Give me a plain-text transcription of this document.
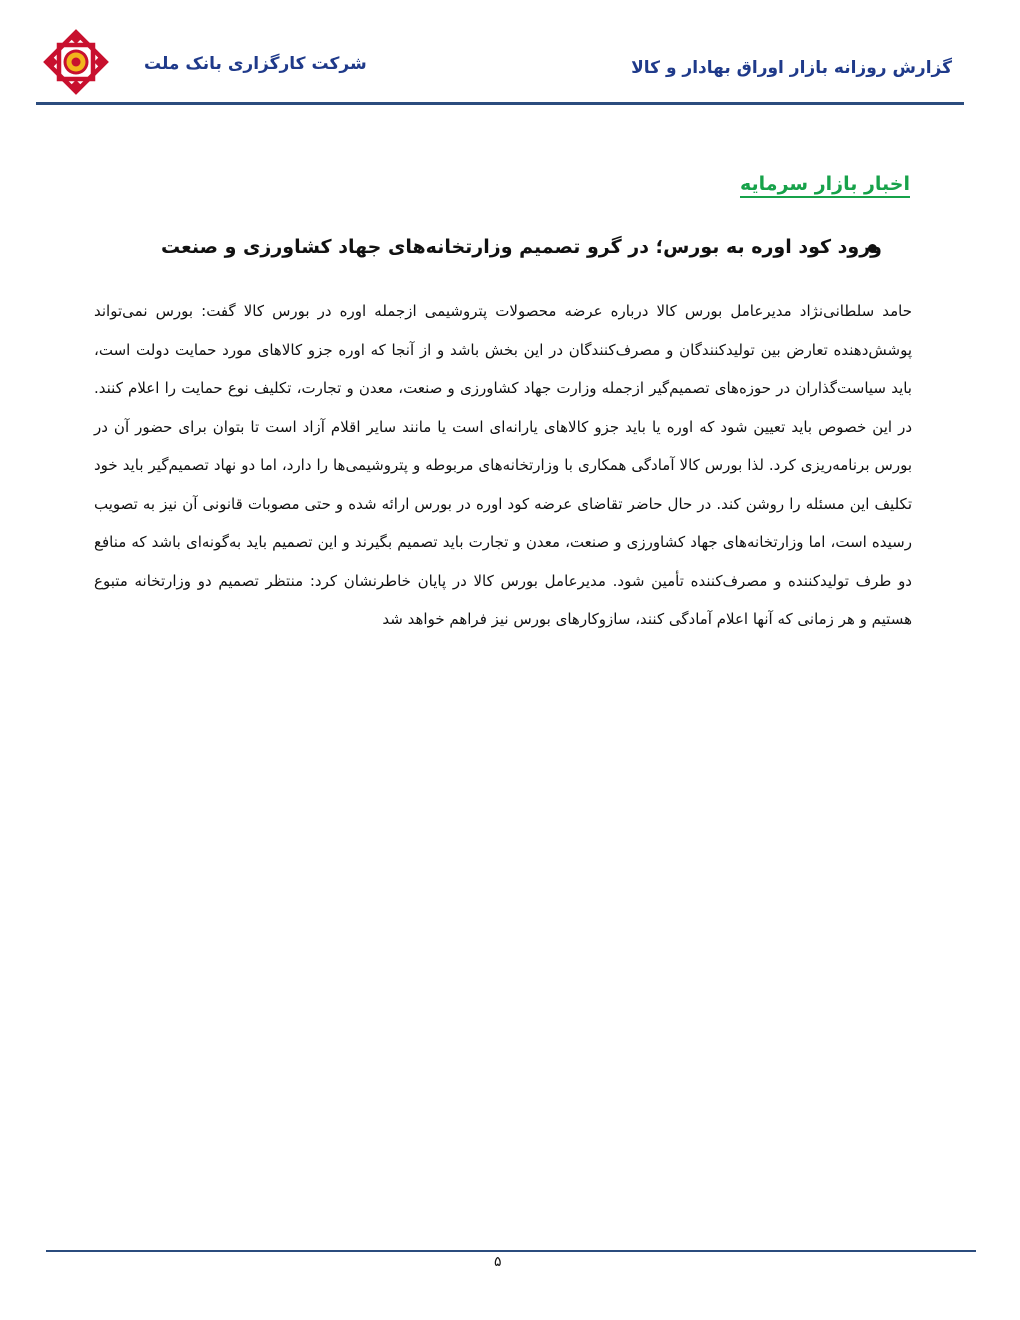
شرکت کارگزاری بانک ملت	گزارش روزانه بازار اوراق بهادار و کالا
اخبار بازار سرمایه
ورود کود اوره به بورس؛ در گرو تصمیم وزارتخانه‌های جهاد کشاورزی و صنعت
حامد سلطانی‌نژاد مدیرعامل بورس کالا درباره عرضه محصولات پتروشیمی ازجمله اوره در بورس کالا گفت: بورس نمی‌تواند پوشش‌دهنده تعارض بین تولیدکنندگان و مصرف‌کنندگان در این بخش باشد و از آنجا که اوره جزو کالاهای مورد حمایت دولت است، باید سیاست‌گذاران در حوزه‌های تصمیم‌گیر ازجمله وزارت جهاد کشاورزی و صنعت، معدن و تجارت، تکلیف نوع حمایت را اعلام کنند. در این خصوص باید تعیین شود که اوره یا باید جزو کالاهای یارانه‌ای است یا مانند سایر اقلام آزاد است تا بتوان برای حضور آن در بورس برنامه‌ریزی کرد. لذا بورس کالا آمادگی همکاری با وزارتخانه‌های مربوطه و پتروشیمی‌ها را دارد، اما دو نهاد تصمیم‌گیر باید خود تکلیف این مسئله را روشن کند. در حال حاضر تقاضای عرضه کود اوره در بورس ارائه شده و حتی مصوبات قانونی آن نیز به تصویب رسیده است، اما وزارتخانه‌های جهاد کشاورزی و صنعت، معدن و تجارت باید تصمیم بگیرند و این تصمیم باید به‌گونه‌ای باشد که منافع دو طرف تولیدکننده و مصرف‌کننده تأمین شود. مدیرعامل بورس کالا در پایان خاطرنشان کرد: منتظر تصمیم دو وزارتخانه متبوع هستیم و هر زمانی که آنها اعلام آمادگی کنند، سازوکارهای بورس نیز فراهم خواهد شد
۵
